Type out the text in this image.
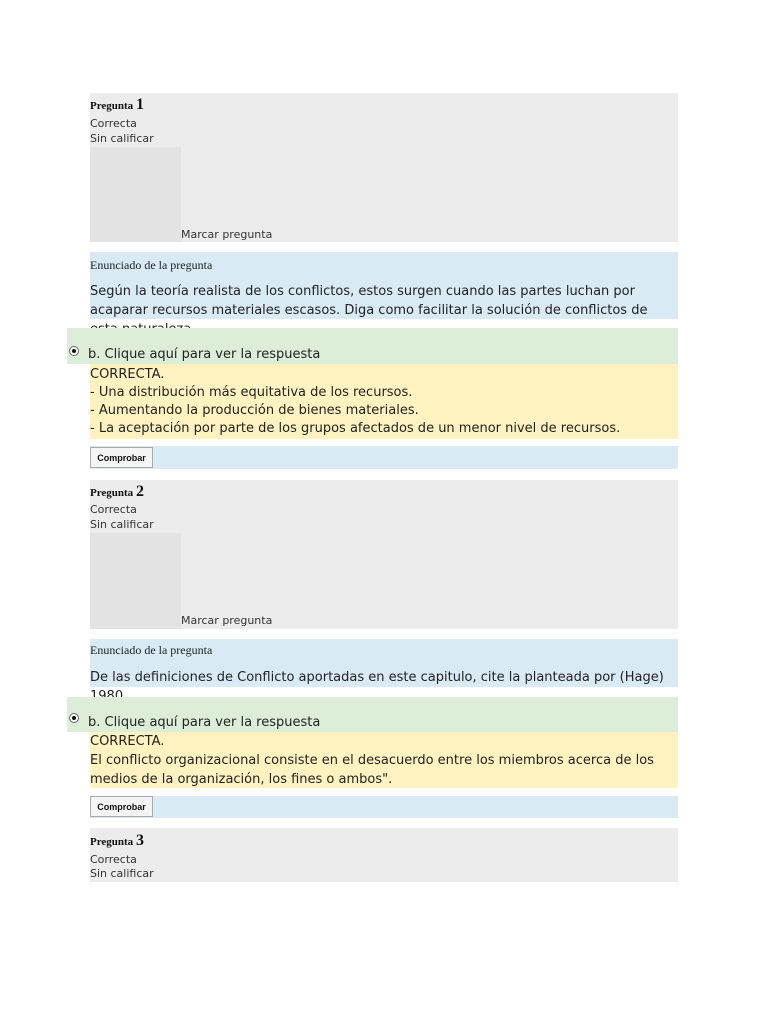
Pregunta 1
Correcta
Sin calificar
Marcar pregunta
Enunciado de la pregunta
Según la teoría realista de los conflictos, estos surgen cuando las partes luchan por acaparar recursos materiales escasos. Diga como facilitar la solución de conflictos de
b. Clique aquí para ver la respuesta
CORRECTA.
- Una distribución más equitativa de los recursos.
- Aumentando la producción de bienes materiales.
- La aceptación por parte de los grupos afectados de un menor nivel de recursos.
Comprobar
Pregunta 2
Correcta
Sin calificar
Marcar pregunta
Enunciado de la pregunta
De las definiciones de Conflicto aportadas en este capitulo, cite la planteada por (Hage)
b. Clique aquí para ver la respuesta
CORRECTA.
El conflicto organizacional consiste en el desacuerdo entre los miembros acerca de los medios de la organización, los fines o ambos".
Comprobar
Pregunta 3
Correcta
Sin calificar
